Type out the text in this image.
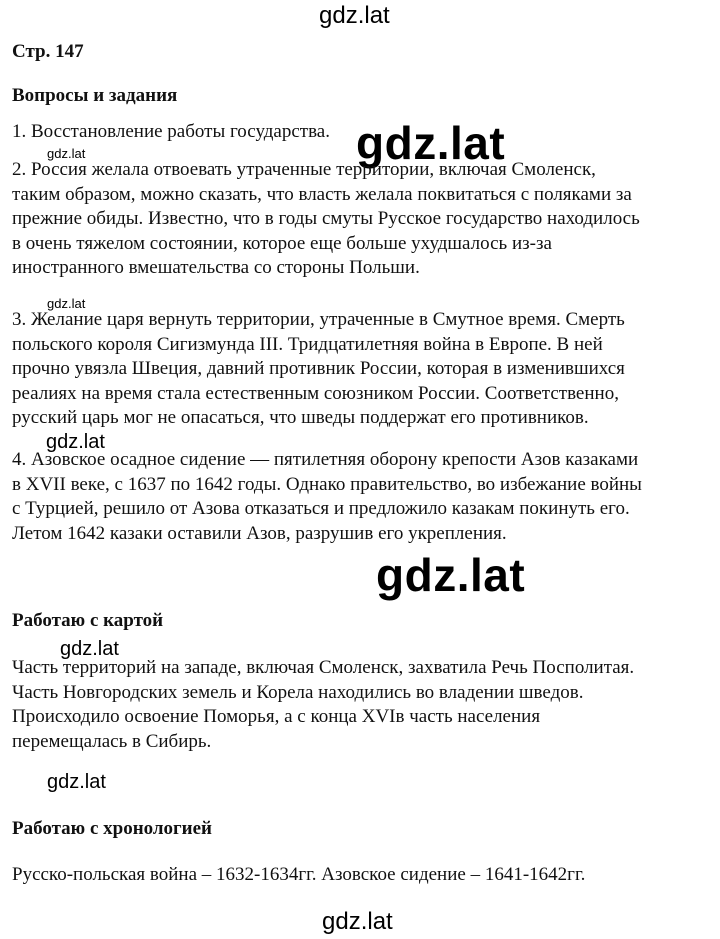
gdz.lat
gdz.lat	gdz.lat
gdz.lat
gdz.lat
gdz.lat
gdz.lat
gdz.lat
gdz.lat
Стр. 147
Вопросы и задания
1. Восстановление работы государства.
2. Россия желала отвоевать утраченные территории, включая Смоленск,
таким образом, можно сказать, что власть желала поквитаться с поляками за
прежние обиды. Известно, что в годы смуты Русское государство находилось
в очень тяжелом состоянии, которое еще больше ухудшалось из-за
иностранного вмешательства со стороны Польши.
3. Желание царя вернуть территории, утраченные в Смутное время. Смерть
польского короля Сигизмунда III. Тридцатилетняя война в Европе. В ней
прочно увязла Швеция, давний противник России, которая в изменившихся
реалиях на время стала естественным союзником России. Соответственно,
русский царь мог не опасаться, что шведы поддержат его противников.
4. Азовское осадное сидение — пятилетняя оборону крепости Азов казаками
в XVII веке, с 1637 по 1642 годы. Однако правительство, во избежание войны
с Турцией, решило от Азова отказаться и предложило казакам покинуть его.
Летом 1642 казаки оставили Азов, разрушив его укрепления.
Работаю с картой
Часть территорий на западе, включая Смоленск, захватила Речь Посполитая.
Часть Новгородских земель и Корела находились во владении шведов.
Происходило освоение Поморья, а с конца XVIв часть населения
перемещалась в Сибирь.
Работаю с хронологией
Русско-польская война – 1632-1634гг. Азовское сидение – 1641-1642гг.
